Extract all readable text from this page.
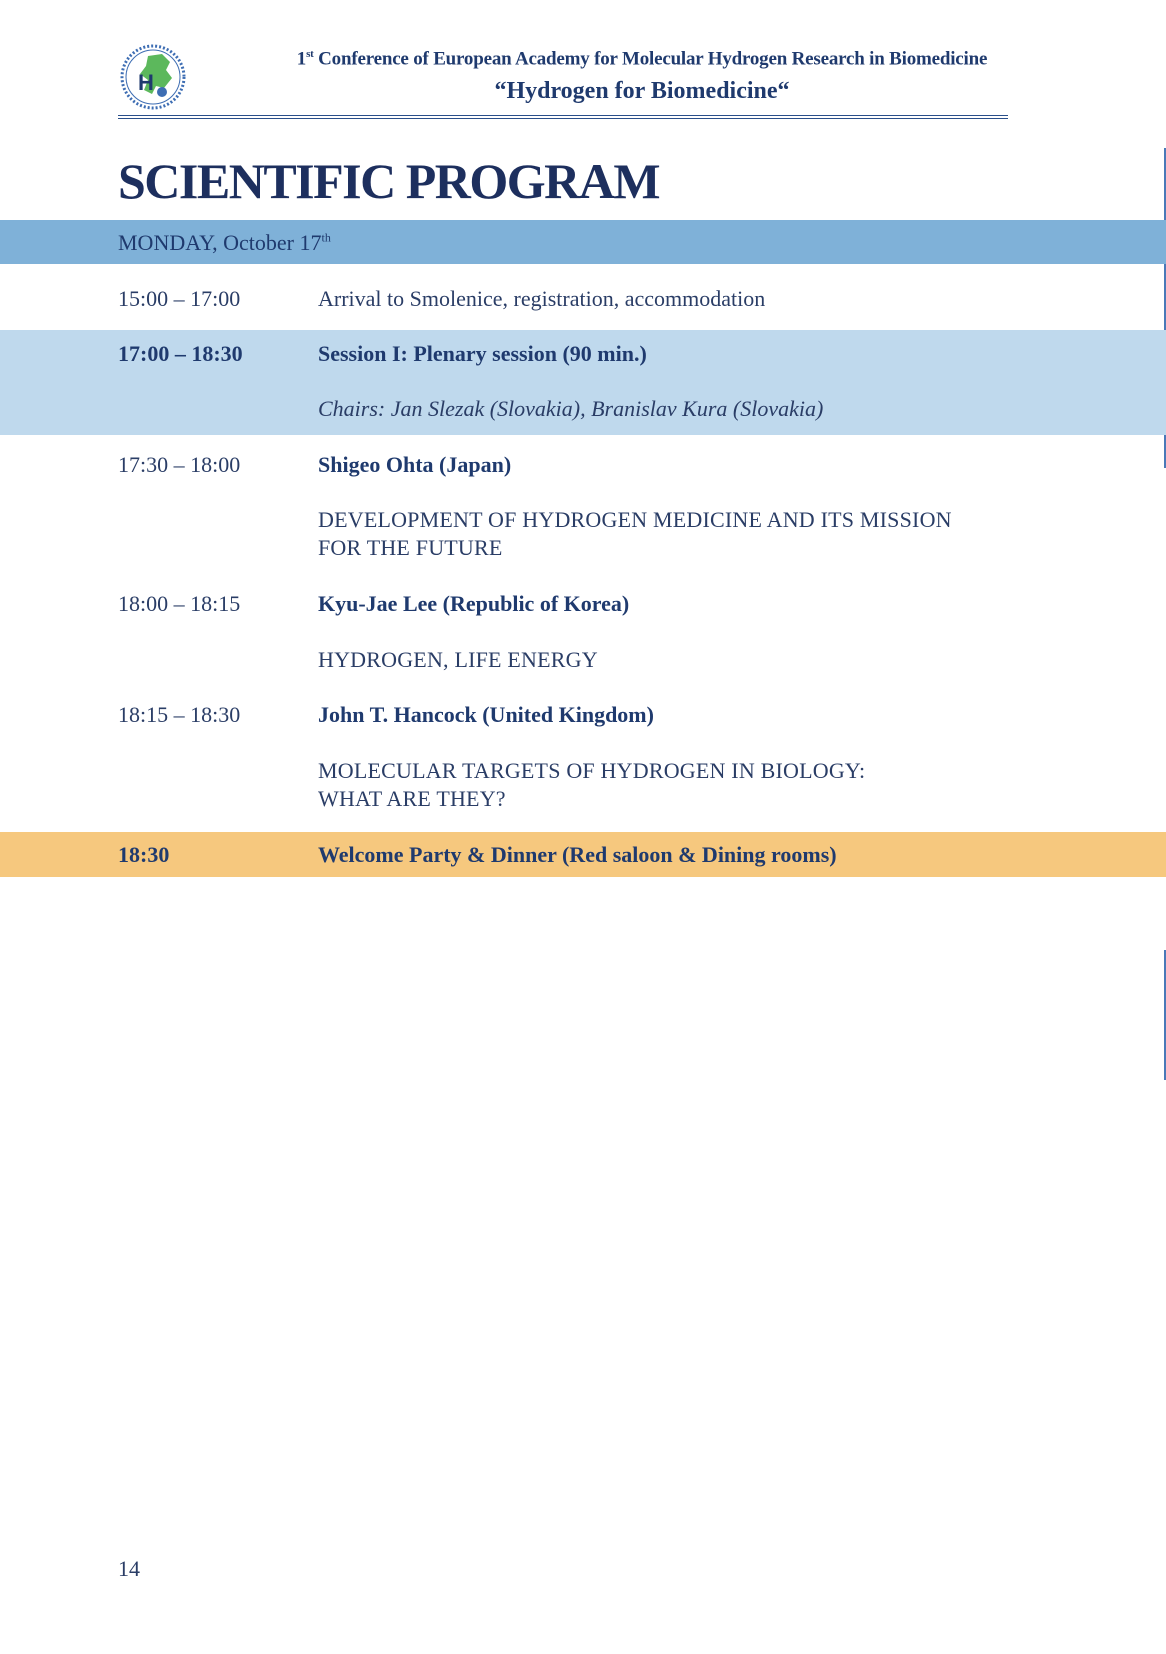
H
1st Conference of European Academy for Molecular Hydrogen Research in Biomedicine
“Hydrogen for Biomedicine“
SCIENTIFIC PROGRAM
MONDAY, October 17th
15:00 – 17:00	Arrival to Smolenice, registration, accommodation
17:00 – 18:30	Session I: Plenary session (90 min.)
Chairs: Jan Slezak (Slovakia), Branislav Kura (Slovakia)
17:30 – 18:00	Shigeo Ohta (Japan)
DEVELOPMENT OF HYDROGEN MEDICINE AND ITS MISSION
FOR THE FUTURE
18:00 – 18:15	Kyu-Jae Lee (Republic of Korea)
HYDROGEN, LIFE ENERGY
18:15 – 18:30	John T. Hancock (United Kingdom)
MOLECULAR TARGETS OF HYDROGEN IN BIOLOGY:
WHAT ARE THEY?
18:30	Welcome Party & Dinner (Red saloon & Dining rooms)
14
